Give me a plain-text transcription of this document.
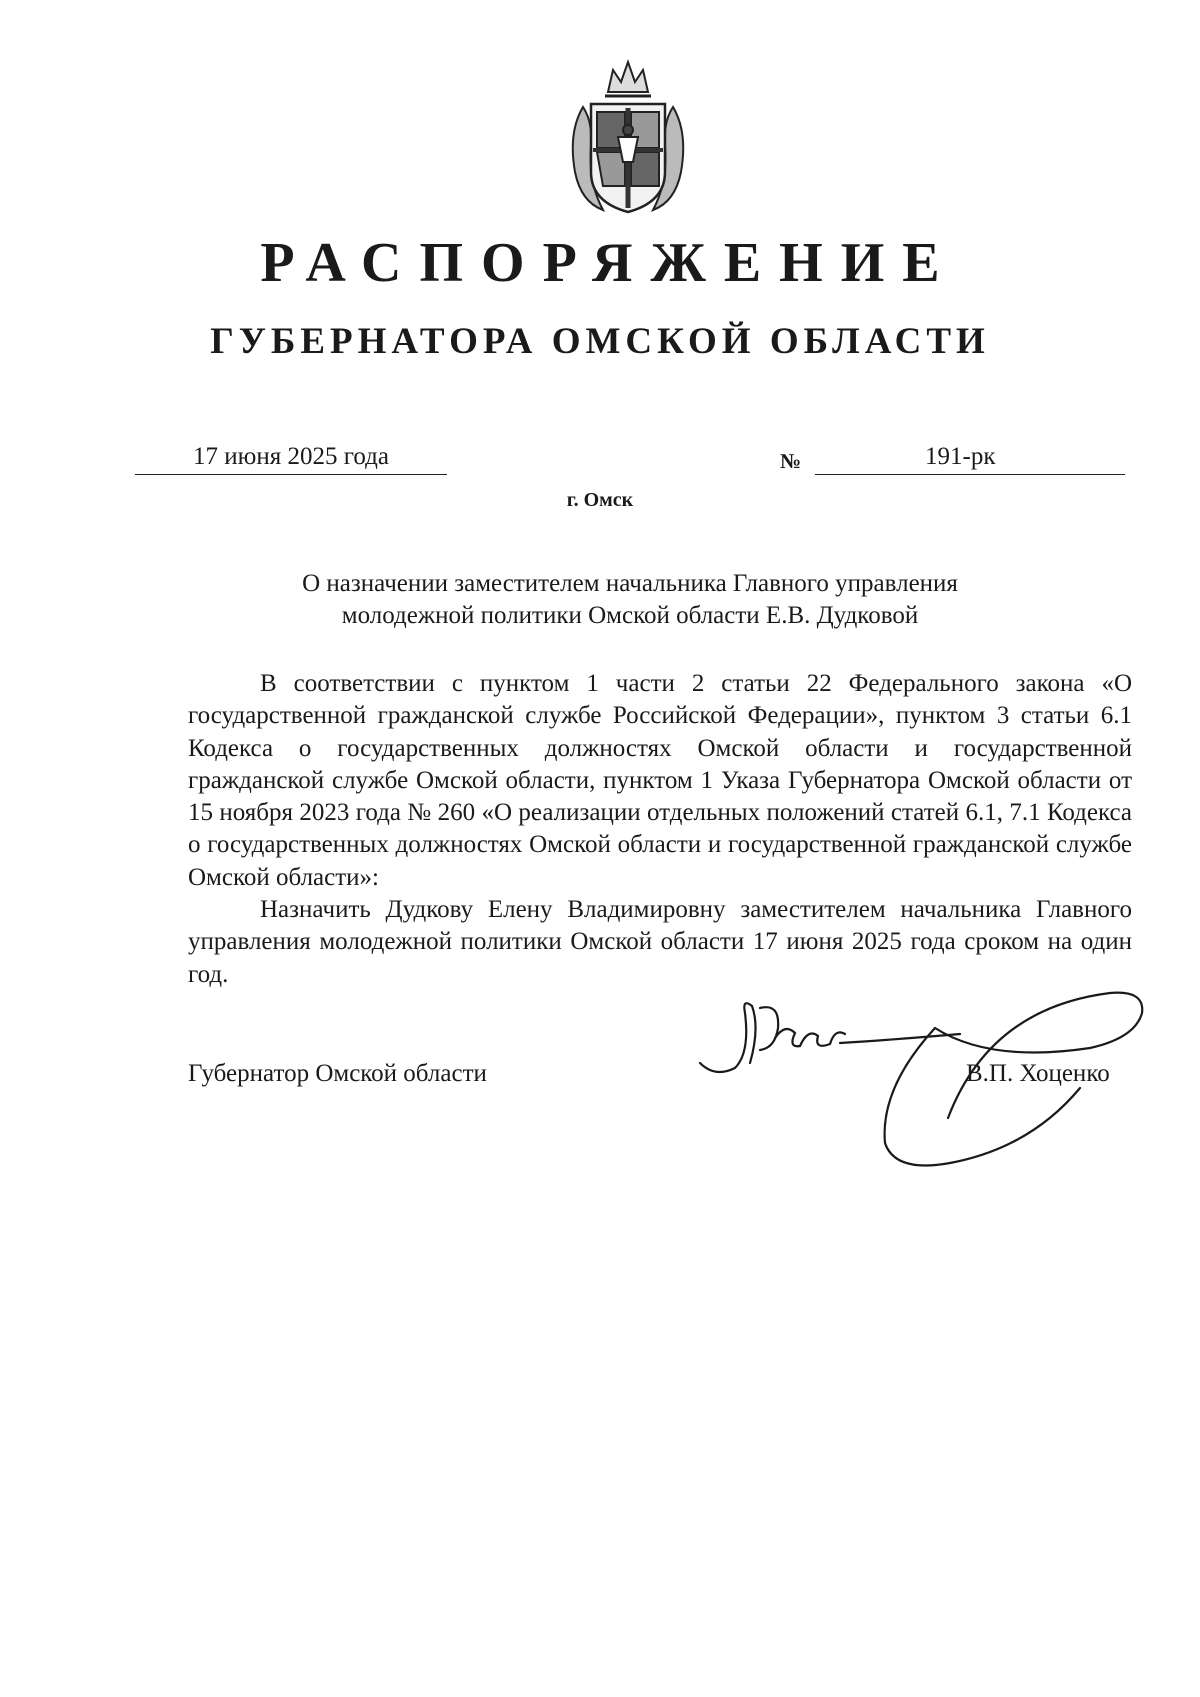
РАСПОРЯЖЕНИЕ
ГУБЕРНАТОРА ОМСКОЙ ОБЛАСТИ
17 июня 2025 года	№	191-рк
г. Омск
О назначении заместителем начальника Главного управления
молодежной политики Омской области Е.В. Дудковой

В соответствии с пунктом 1 части 2 статьи 22 Федерального закона «О государственной гражданской службе Российской Федерации», пунктом 3 статьи 6.1 Кодекса о государственных должностях Омской области и государственной гражданской службе Омской области, пунктом 1 Указа Губернатора Омской области от 15 ноября 2023 года № 260 «О реализации отдельных положений статей 6.1, 7.1 Кодекса о государственных должностях Омской области и государственной гражданской службе Омской области»:

Назначить Дудкову Елену Владимировну заместителем начальника Главного управления молодежной политики Омской области 17 июня 2025 года сроком на один год.

Губернатор Омской области	В.П. Хоценко
